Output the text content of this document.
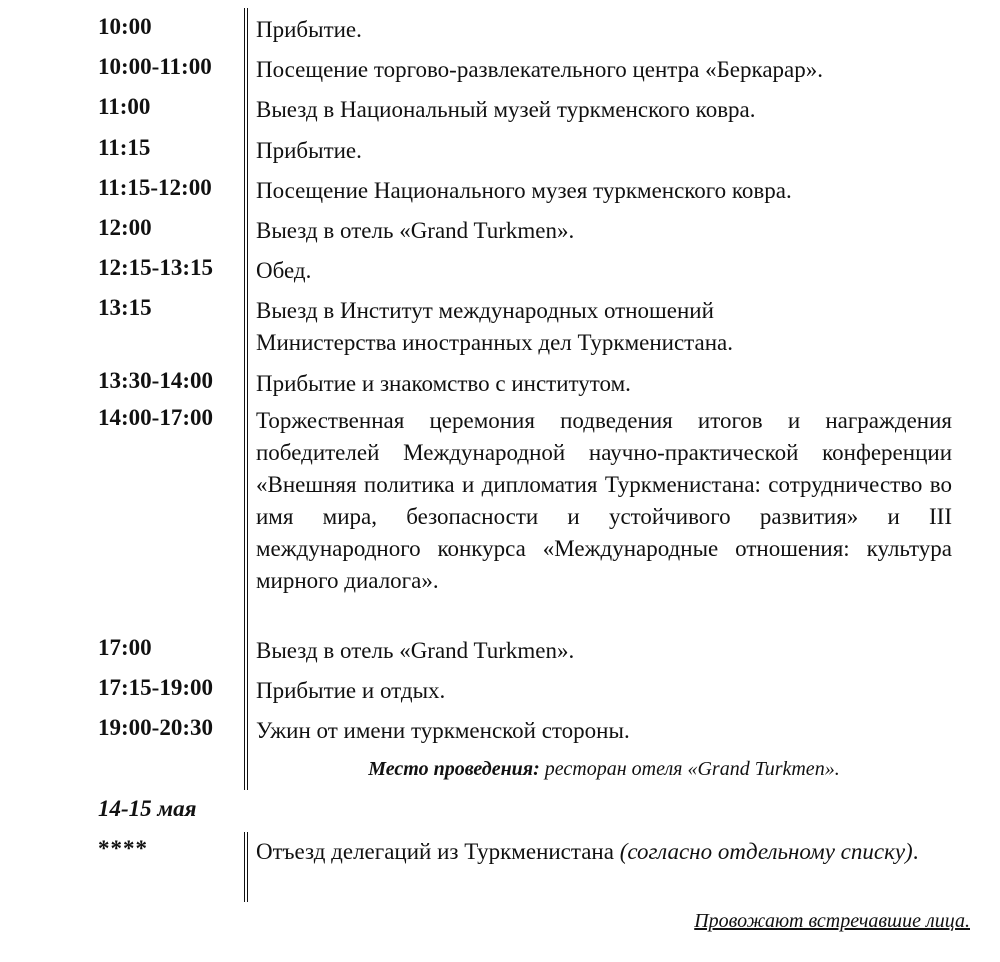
10:00	Прибытие.
10:00-11:00	Посещение торгово-развлекательного центра «Беркарар».
11:00	Выезд в Национальный музей туркменского ковра.
11:15	Прибытие.
11:15-12:00	Посещение Национального музея туркменского ковра.
12:00	Выезд в отель «Grand Turkmen».
12:15-13:15	Обед.
13:15	Выезд в Институт международных отношений
Министерства иностранных дел Туркменистана.
13:30-14:00	Прибытие и знакомство с институтом.
14:00-17:00	Торжественная церемония подведения итогов и награждения победителей Международной научно-практической конференции «Внешняя политика и дипломатия Туркменистана: сотрудничество во имя мира, безопасности и устойчивого развития» и III международного конкурса «Международные отношения: культура мирного диалога».
17:00	Выезд в отель «Grand Turkmen».
17:15-19:00	Прибытие и отдых.
19:00-20:30	Ужин от имени туркменской стороны.
Место проведения: ресторан отеля «Grand Turkmen».
14-15 мая
****	Отъезд делегаций из Туркменистана (согласно отдельному списку).
Провожают встречавшие лица.
